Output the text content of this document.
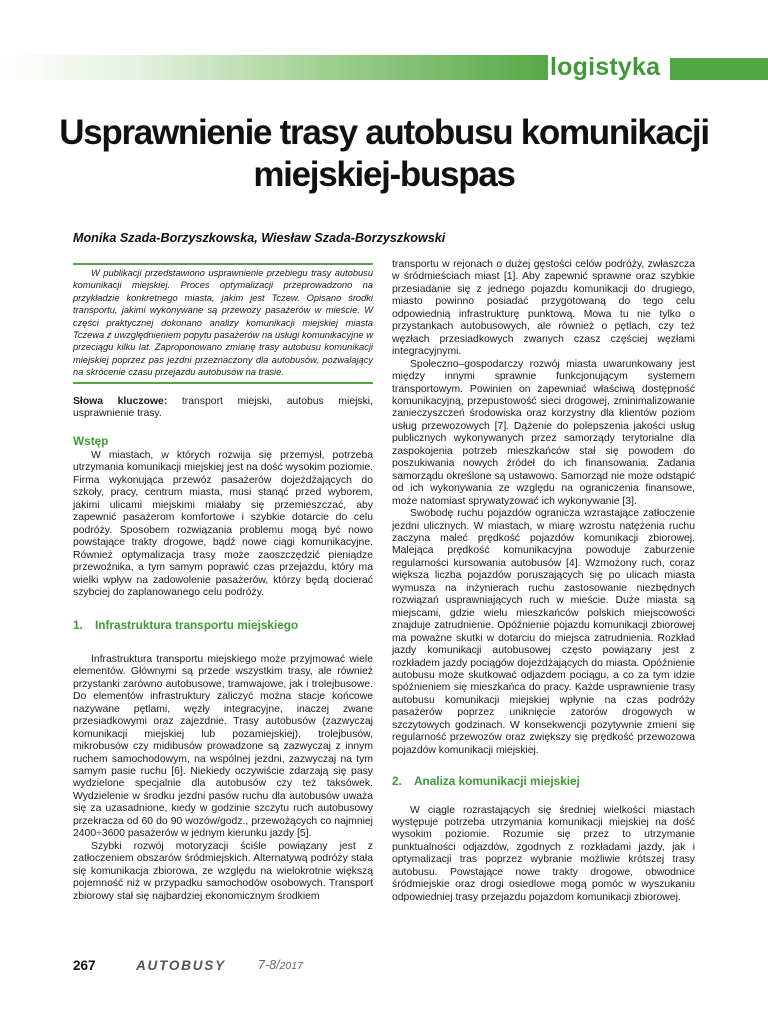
logistyka
Usprawnienie trasy autobusu komunikacji
miejskiej-buspas
Monika Szada-Borzyszkowska, Wiesław Szada-Borzyszkowski

W publikacji przedstawiono usprawnienie przebiegu trasy autobusu komunikacji miejskiej. Proces optymalizacji przeprowadzono na przykładzie konkretnego miasta, jakim jest Tczew. Opisano środki transportu, jakimi wykonywane są przewozy pasażerów w mieście. W części praktycznej dokonano analizy komunikacji miejskiej miasta Tczewa z uwzględnieniem popytu pasażerów na usługi komunikacyjne w przeciągu kilku lat. Zaproponowano zmianę trasy autobusu komunikacji miejskiej poprzez pas jezdni przeznaczony dla autobusów, pozwalający na skrócenie czasu przejazdu autobusów na trasie.

Słowa kluczowe: transport miejski, autobus miejski, usprawnienie trasy.

Wstęp

W miastach, w których rozwija się przemysł, potrzeba utrzymania komunikacji miejskiej jest na dość wysokim poziomie. Firma wykonująca przewóz pasażerów dojeżdżających do szkoły, pracy, centrum miasta, musi stanąć przed wyborem, jakimi ulicami miejskimi miałaby się przemieszczać, aby zapewnić pasażerom komfortowe i szybkie dotarcie do celu podróży. Sposobem rozwiązania problemu mogą być nowo powstające trakty drogowe, bądź nowe ciągi komunikacyjne. Również optymalizacja trasy może zaoszczędzić pieniądze przewoźnika, a tym samym poprawić czas przejazdu, który ma wielki wpływ na zadowolenie pasażerów, którzy będą docierać szybciej do zaplanowanego celu podróży.

1. Infrastruktura transportu miejskiego

Infrastruktura transportu miejskiego może przyjmować wiele elementów. Głównymi są przede wszystkim trasy, ale również przystanki zarówno autobusowe, tramwajowe, jak i trolejbusowe. Do elementów infrastruktury zaliczyć można stacje końcowe nazywane pętlami, węzły integracyjne, inaczej zwane przesiadkowymi oraz zajezdnie. Trasy autobusów (zazwyczaj komunikacji miejskiej lub pozamiejskiej), trolejbusów, mikrobusów czy midibusów prowadzone są zazwyczaj z innym ruchem samochodowym, na wspólnej jezdni, zazwyczaj na tym samym pasie ruchu [6]. Niekiedy oczywiście zdarzają się pasy wydzielone specjalnie dla autobusów czy też taksówek. Wydzielenie w środku jezdni pasów ruchu dla autobusów uważa się za uzasadnione, kiedy w godzinie szczytu ruch autobusowy przekracza od 60 do 90 wozów/godz., przewożących co najmniej 2400÷3600 pasażerów w jednym kierunku jazdy [5].

Szybki rozwój motoryzacji ściśle powiązany jest z zatłoczeniem obszarów śródmiejskich. Alternatywą podróży stała się komunikacja zbiorowa, ze względu na wielokrotnie większą pojemność niż w przypadku samochodów osobowych. Transport zbiorowy stał się najbardziej ekonomicznym środkiem

transportu w rejonach o dużej gęstości celów podróży, zwłaszcza w śródmieściach miast [1]. Aby zapewnić sprawne oraz szybkie przesiadanie się z jednego pojazdu komunikacji do drugiego, miasto powinno posiadać przygotowaną do tego celu odpowiednią infrastrukturę punktową. Mowa tu nie tylko o przystankach autobusowych, ale również o pętlach, czy też węzłach przesiadkowych zwanych czasz częściej węzłami integracyjnymi.

Społeczno–gospodarczy rozwój miasta uwarunkowany jest między innymi sprawnie funkcjonującym systemem transportowym. Powinien on zapewniać właściwą dostępność komunikacyjną, przepustowość sieci drogowej, zminimalizowanie zanieczyszczeń środowiska oraz korzystny dla klientów poziom usług przewozowych [7]. Dążenie do polepszenia jakości usług publicznych wykonywanych przez samorządy terytorialne dla zaspokojenia potrzeb mieszkańców stał się powodem do poszukiwania nowych źródeł do ich finansowania. Zadania samorządu określone są ustawowo. Samorząd nie może odstąpić od ich wykonywania ze względu na ograniczenia finansowe, może natomiast sprywatyzować ich wykonywanie [3].

Swobodę ruchu pojazdów ogranicza wzrastające zatłoczenie jezdni ulicznych. W miastach, w miarę wzrostu natężenia ruchu zaczyna maleć prędkość pojazdów komunikacji zbiorowej. Malejąca prędkość komunikacyjna powoduje zaburzenie regularności kursowania autobusów [4]. Wzmożony ruch, coraz większa liczba pojazdów poruszających się po ulicach miasta wymusza na inżynierach ruchu zastosowanie niezbędnych rozwiązań usprawniających ruch w mieście. Duże miasta są miejscami, gdzie wielu mieszkańców polskich miejscowości znajduje zatrudnienie. Opóźnienie pojazdu komunikacji zbiorowej ma poważne skutki w dotarciu do miejsca zatrudnienia. Rozkład jazdy komunikacji autobusowej często powiązany jest z rozkładem jazdy pociągów dojeżdżających do miasta. Opóźnienie autobusu może skutkować odjazdem pociągu, a co za tym idzie spóźnieniem się mieszkańca do pracy. Każde usprawnienie trasy autobusu komunikacji miejskiej wpłynie na czas podróży pasażerów poprzez uniknięcie zatorów drogowych w szczytowych godzinach. W konsekwencji pozytywnie zmieni się regularność przewozów oraz zwiększy się prędkość przewozowa pojazdów komunikacji miejskiej.

2. Analiza komunikacji miejskiej

W ciągle rozrastających się średniej wielkości miastach występuje potrzeba utrzymania komunikacji miejskiej na dość wysokim poziomie. Rozumie się przez to utrzymanie punktualności odjazdów, zgodnych z rozkładami jazdy, jak i optymalizacji tras poprzez wybranie możliwie krótszej trasy autobusu. Powstające nowe trakty drogowe, obwodnice śródmiejskie oraz drogi osiedlowe mogą pomóc w wyszukaniu odpowiedniej trasy przejazdu pojazdom komunikacji zbiorowej.

267	AUTOBUSY	7-8/2017
